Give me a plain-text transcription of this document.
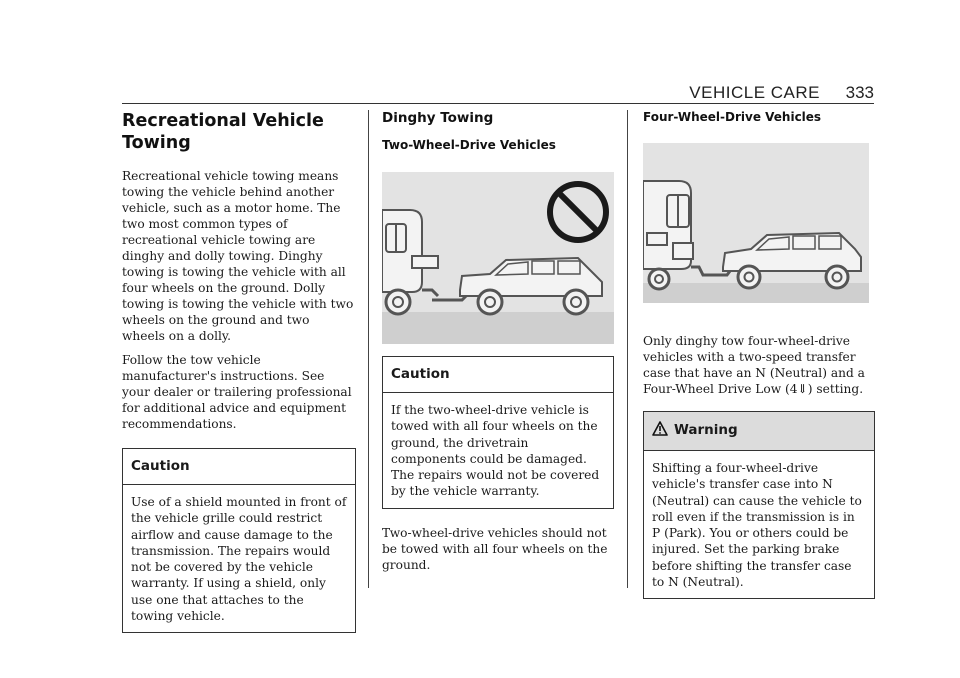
VEHICLE CARE 333
Recreational Vehicle Towing

Recreational vehicle towing means towing the vehicle behind another vehicle, such as a motor home. The two most common types of recreational vehicle towing are dinghy and dolly towing. Dinghy towing is towing the vehicle with all four wheels on the ground. Dolly towing is towing the vehicle with two wheels on the ground and two wheels on a dolly.

Follow the tow vehicle manufacturer's instructions. See your dealer or trailering professional for additional advice and equipment recommendations.

Caution
Use of a shield mounted in front of the vehicle grille could restrict airflow and cause damage to the transmission. The repairs would not be covered by the vehicle warranty. If using a shield, only use one that attaches to the towing vehicle.
Dinghy Towing
Two-Wheel-Drive Vehicles
Caution
If the two-wheel-drive vehicle is towed with all four wheels on the ground, the drivetrain components could be damaged. The repairs would not be covered by the vehicle warranty.

Two-wheel-drive vehicles should not be towed with all four wheels on the ground.

Four-Wheel-Drive Vehicles

Only dinghy tow four-wheel-drive vehicles with a two-speed transfer case that have an N (Neutral) and a Four-Wheel Drive Low (4⇓) setting.

Warning
Shifting a four-wheel-drive vehicle's transfer case into N (Neutral) can cause the vehicle to roll even if the transmission is in P (Park). You or others could be injured. Set the parking brake before shifting the transfer case to N (Neutral).
